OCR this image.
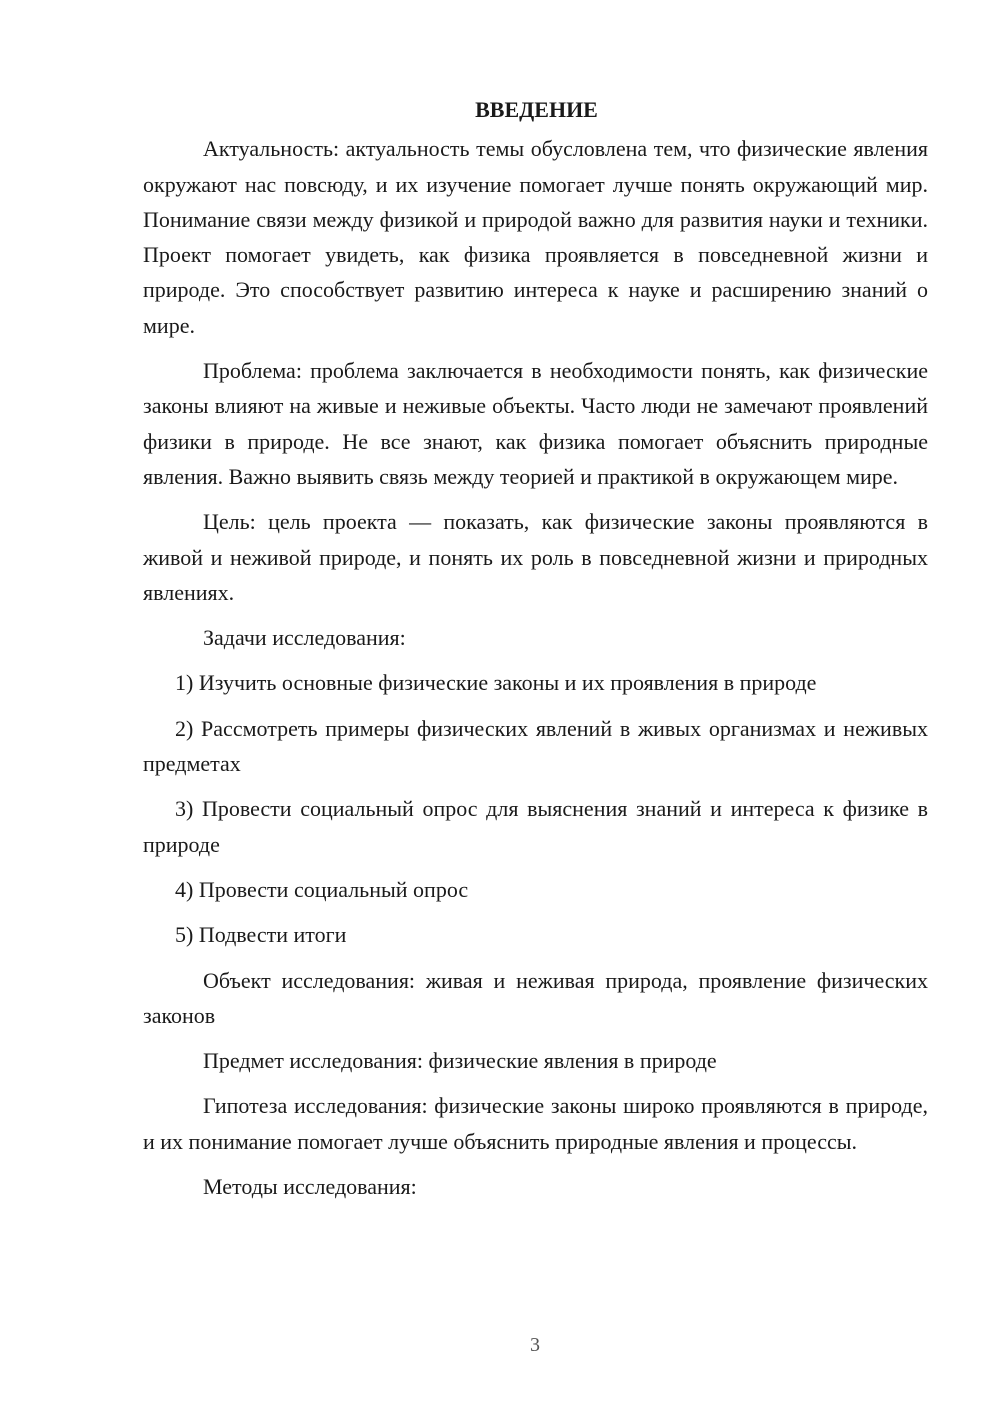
ВВЕДЕНИЕ

Актуальность: актуальность темы обусловлена тем, что физические явления окружают нас повсюду, и их изучение помогает лучше понять окружающий мир. Понимание связи между физикой и природой важно для развития науки и техники. Проект помогает увидеть, как физика проявляется в повседневной жизни и природе. Это способствует развитию интереса к науке и расширению знаний о мире.

Проблема: проблема заключается в необходимости понять, как физические законы влияют на живые и неживые объекты. Часто люди не замечают проявлений физики в природе. Не все знают, как физика помогает объяснить природные явления. Важно выявить связь между теорией и практикой в окружающем мире.

Цель: цель проекта — показать, как физические законы проявляются в живой и неживой природе, и понять их роль в повседневной жизни и природных явлениях.

Задачи исследования:

1) Изучить основные физические законы и их проявления в природе

2) Рассмотреть примеры физических явлений в живых организмах и неживых предметах

3) Провести социальный опрос для выяснения знаний и интереса к физике в природе

4) Провести социальный опрос

5) Подвести итоги

Объект исследования: живая и неживая природа, проявление физических законов

Предмет исследования: физические явления в природе

Гипотеза исследования: физические законы широко проявляются в природе, и их понимание помогает лучше объяснить природные явления и процессы.

Методы исследования:

3
